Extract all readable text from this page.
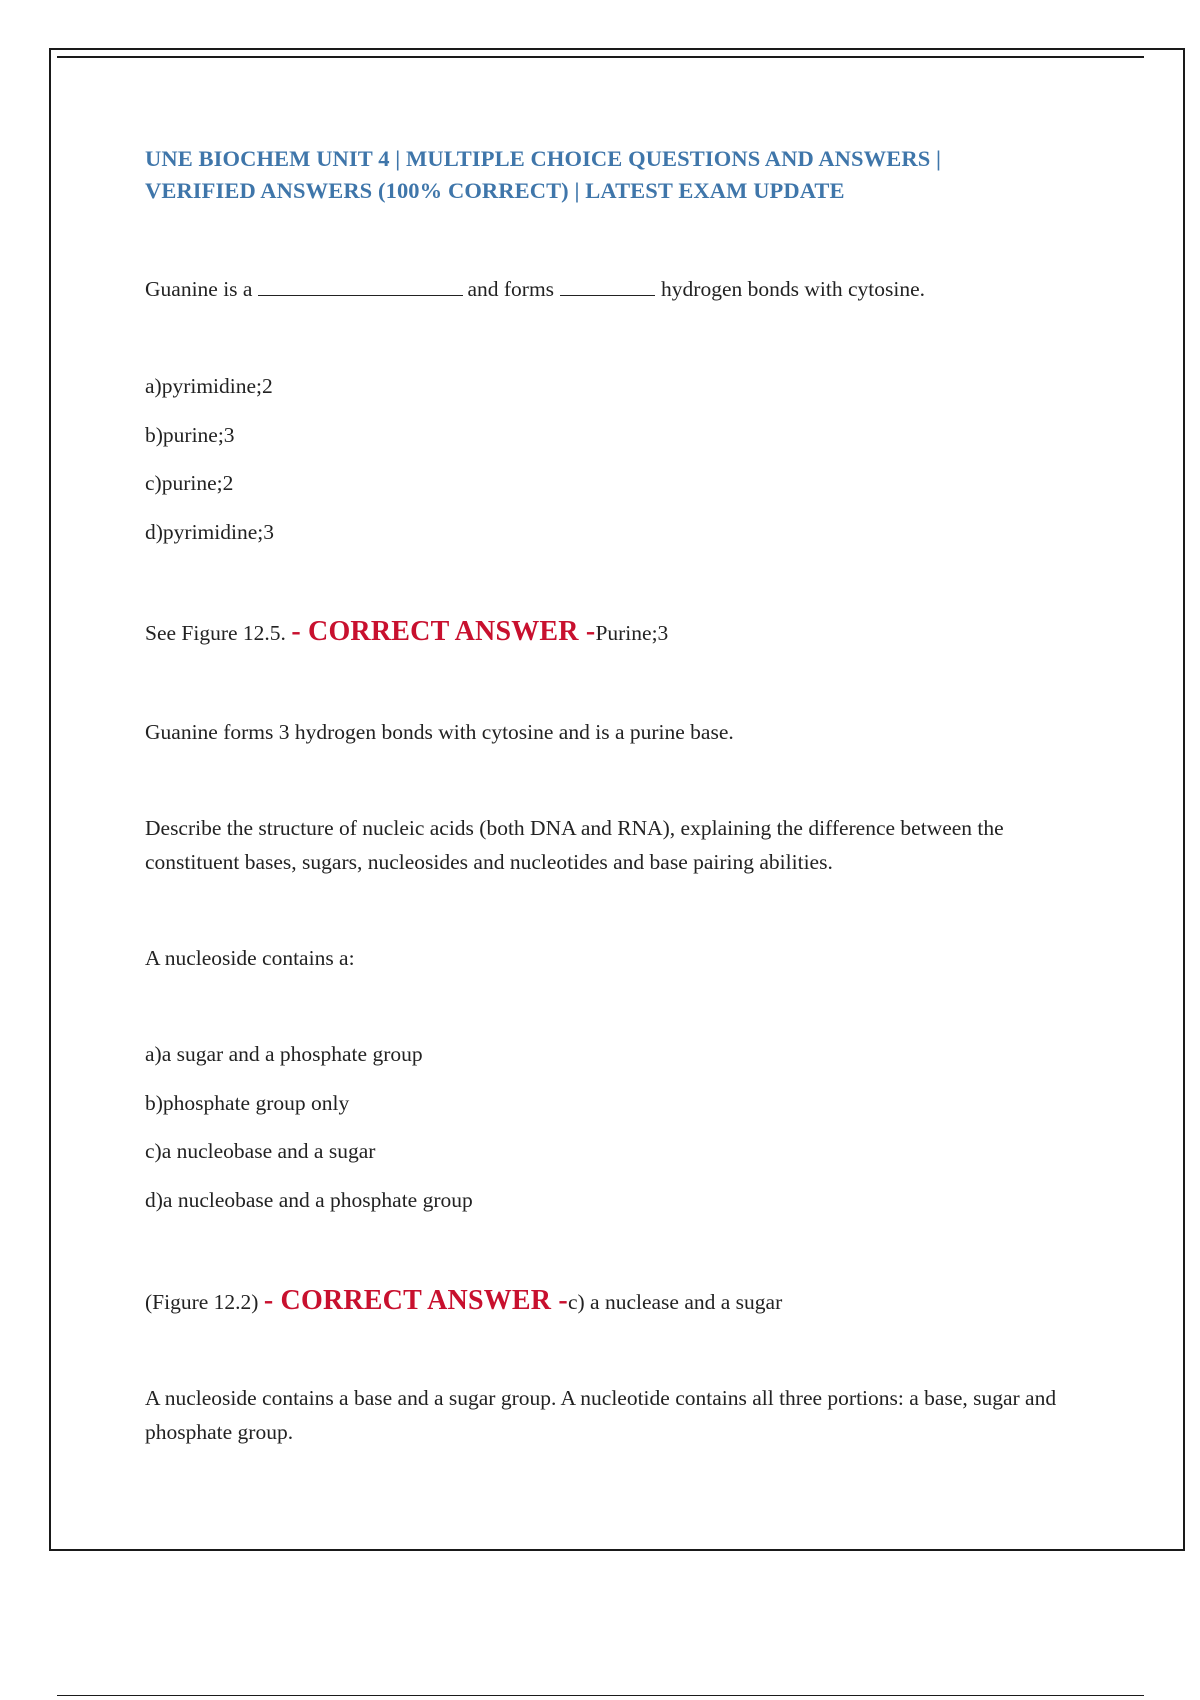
UNE BIOCHEM UNIT 4 | MULTIPLE CHOICE QUESTIONS AND ANSWERS |
VERIFIED ANSWERS (100% CORRECT) | LATEST EXAM UPDATE

Guanine is a	and forms	hydrogen bonds with cytosine.

a)pyrimidine;2

b)purine;3

c)purine;2

d)pyrimidine;3

See Figure 12.5. - CORRECT ANSWER -Purine;3

Guanine forms 3 hydrogen bonds with cytosine and is a purine base.

Describe the structure of nucleic acids (both DNA and RNA), explaining the difference between the constituent bases, sugars, nucleosides and nucleotides and base pairing abilities.

A nucleoside contains a:

a)a sugar and a phosphate group

b)phosphate group only

c)a nucleobase and a sugar

d)a nucleobase and a phosphate group

(Figure 12.2) - CORRECT ANSWER -c) a nuclease and a sugar

A nucleoside contains a base and a sugar group. A nucleotide contains all three portions: a base, sugar and phosphate group.
